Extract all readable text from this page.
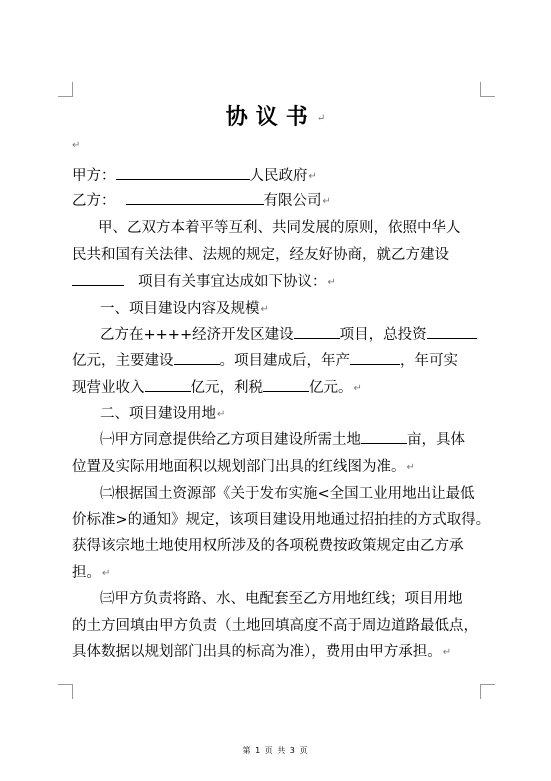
协议书↵
↵
甲方：	人民政府↵
乙方：	有限公司↵
甲、乙双方本着平等互利、共同发展的原则，依照中华人
民共和国有关法律、法规的规定，经友好协商，就乙方建设
项目有关事宜达成如下协议：↵
一、项目建设内容及规模↵
乙方在++++经济开发区建设	项目，总投资
亿元，主要建设	。项目建成后，年产	，年可实
现营业收入	亿元，利税	亿元。↵
二、项目建设用地↵
㈠甲方同意提供给乙方项目建设所需土地	亩，具体
位置及实际用地面积以规划部门出具的红线图为准。↵
㈡根据国土资源部《关于发布实施<全国工业用地出让最低
价标准>的通知》规定，该项目建设用地通过招拍挂的方式取得。
获得该宗地土地使用权所涉及的各项税费按政策规定由乙方承
担。↵
㈢甲方负责将路、水、电配套至乙方用地红线；项目用地
的土方回填由甲方负责（土地回填高度不高于周边道路最低点，
具体数据以规划部门出具的标高为准），费用由甲方承担。↵
第 1 页 共 3 页
